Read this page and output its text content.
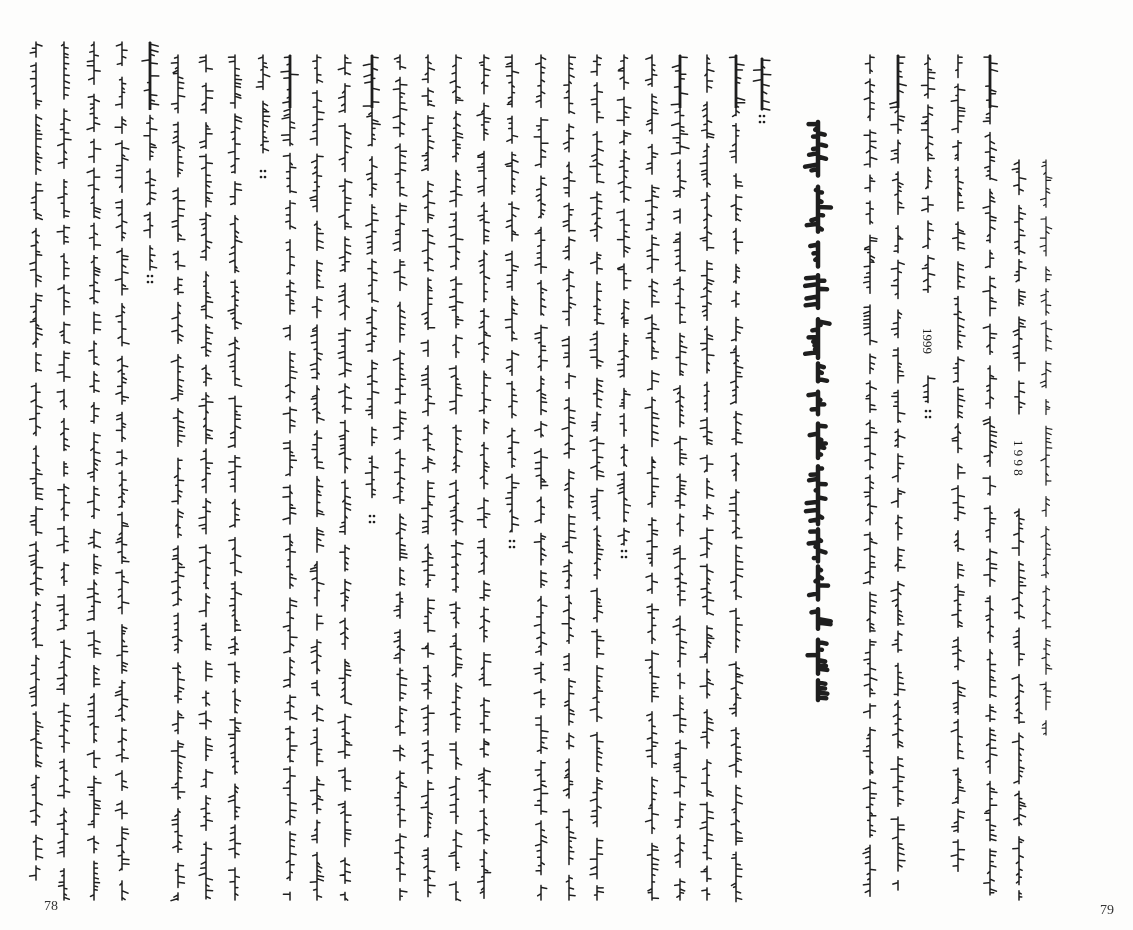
78
1999
1 9 9 8
79
